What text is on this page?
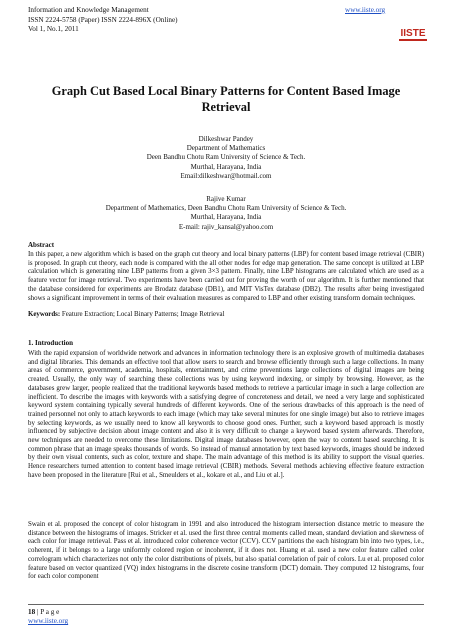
Information and Knowledge Management
ISSN 2224-5758 (Paper) ISSN 2224-896X (Online)
Vol 1, No.1, 2011
www.iiste.org
IISTE
Graph Cut Based Local Binary Patterns for Content Based Image Retrieval
Dilkeshwar Pandey
Department of Mathematics
Deen Bandhu Chotu Ram University of Science & Tech.
Murthal, Harayana, India
Email:dilkeshwar@hotmail.com
Rajive Kumar
Department of Mathematics, Deen Bandhu Chotu Ram University of Science & Tech.
Murthal, Harayana, India
E-mail: rajiv_kansal@yahoo.com
Abstract
In this paper, a new algorithm which is based on the graph cut theory and local binary patterns (LBP) for content based image retrieval (CBIR) is proposed. In graph cut theory, each node is compared with the all other nodes for edge map generation. The same concept is utilized at LBP calculation which is generating nine LBP patterns from a given 3×3 pattern. Finally, nine LBP histograms are calculated which are used as a feature vector for image retrieval. Two experiments have been carried out for proving the worth of our algorithm. It is further mentioned that the database considered for experiments are Brodatz database (DB1), and MIT VisTex database (DB2). The results after being investigated shows a significant improvement in terms of their evaluation measures as compared to LBP and other existing transform domain techniques.
Keywords: Feature Extraction; Local Binary Patterns; Image Retrieval
1. Introduction
With the rapid expansion of worldwide network and advances in information technology there is an explosive growth of multimedia databases and digital libraries. This demands an effective tool that allow users to search and browse efficiently through such a large collections. In many areas of commerce, government, academia, hospitals, entertainment, and crime preventions large collections of digital images are being created. Usually, the only way of searching these collections was by using keyword indexing, or simply by browsing. However, as the databases grew larger, people realized that the traditional keywords based methods to retrieve a particular image in such a large collection are inefficient. To describe the images with keywords with a satisfying degree of concreteness and detail, we need a very large and sophisticated keyword system containing typically several hundreds of different keywords. One of the serious drawbacks of this approach is the need of trained personnel not only to attach keywords to each image (which may take several minutes for one single image) but also to retrieve images by selecting keywords, as we usually need to know all keywords to choose good ones. Further, such a keyword based approach is mostly influenced by subjective decision about image content and also it is very difficult to change a keyword based system afterwards. Therefore, new techniques are needed to overcome these limitations. Digital image databases however, open the way to content based searching. It is common phrase that an image speaks thousands of words. So instead of manual annotation by text based keywords, images should be indexed by their own visual contents, such as color, texture and shape. The main advantage of this method is its ability to support the visual queries. Hence researchers turned attention to content based image retrieval (CBIR) methods. Several methods achieving effective feature extraction have been proposed in the literature [Rui et al., Smeulders et al., kokare et al., and Liu et al.].
Swain et al. proposed the concept of color histogram in 1991 and also introduced the histogram intersection distance metric to measure the distance between the histograms of images. Stricker et al. used the first three central moments called mean, standard deviation and skewness of each color for image retrieval. Pass et al. introduced color coherence vector (CCV). CCV partitions the each histogram bin into two types, i.e., coherent, if it belongs to a large uniformly colored region or incoherent, if it does not. Huang et al. used a new color feature called color correlogram which characterizes not only the color distributions of pixels, but also spatial correlation of pair of colors. Lu et al. proposed color feature based on vector quantized (VQ) index histograms in the discrete cosine transform (DCT) domain. They computed 12 histograms, four for each color component
18 | P a g e
www.iiste.org
